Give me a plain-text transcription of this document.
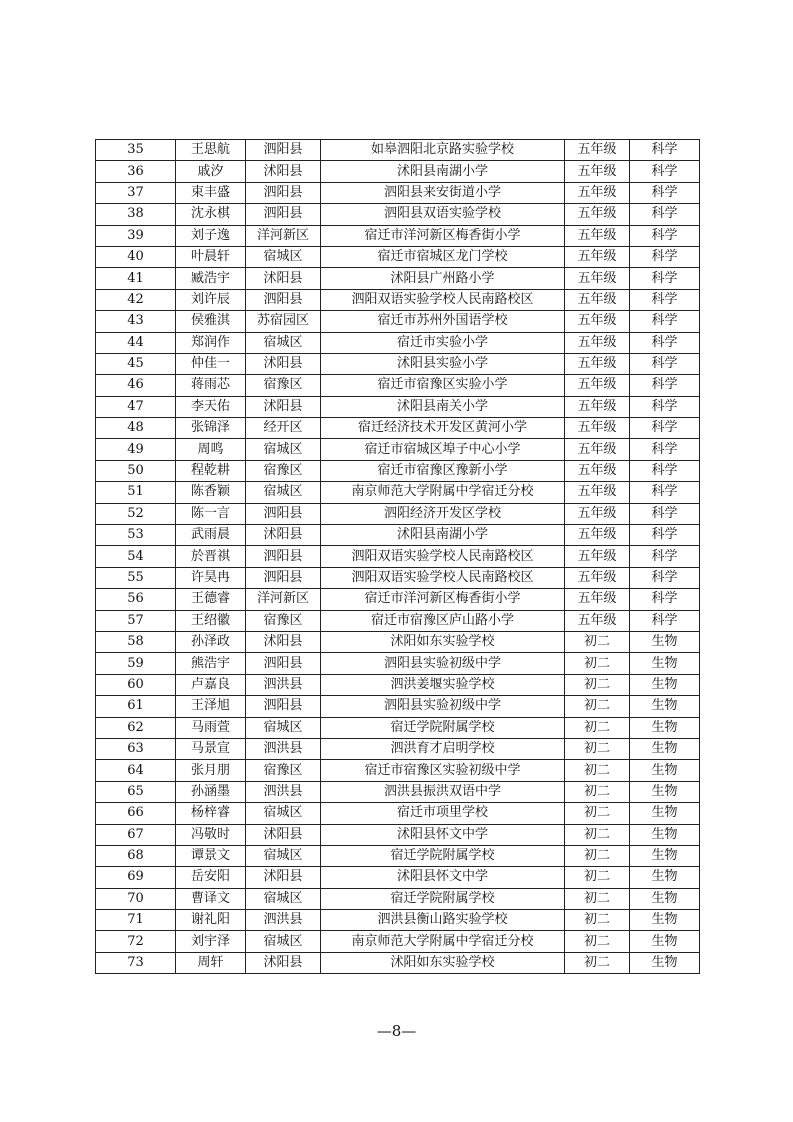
35	王思航	泗阳县	如皋泗阳北京路实验学校	五年级	科学
36	戚汐	沭阳县	沭阳县南湖小学	五年级	科学
37	束丰盛	泗阳县	泗阳县来安街道小学	五年级	科学
38	沈永棋	泗阳县	泗阳县双语实验学校	五年级	科学
39	刘子逸	洋河新区	宿迁市洋河新区梅香街小学	五年级	科学
40	叶晨轩	宿城区	宿迁市宿城区龙门学校	五年级	科学
41	臧浩宇	沭阳县	沭阳县广州路小学	五年级	科学
42	刘许辰	泗阳县	泗阳双语实验学校人民南路校区	五年级	科学
43	侯雅淇	苏宿园区	宿迁市苏州外国语学校	五年级	科学
44	郑润作	宿城区	宿迁市实验小学	五年级	科学
45	仲佳一	沭阳县	沭阳县实验小学	五年级	科学
46	蒋雨芯	宿豫区	宿迁市宿豫区实验小学	五年级	科学
47	李天佑	沭阳县	沭阳县南关小学	五年级	科学
48	张锦泽	经开区	宿迁经济技术开发区黄河小学	五年级	科学
49	周鸣	宿城区	宿迁市宿城区埠子中心小学	五年级	科学
50	程乾耕	宿豫区	宿迁市宿豫区豫新小学	五年级	科学
51	陈香颖	宿城区	南京师范大学附属中学宿迁分校	五年级	科学
52	陈一言	泗阳县	泗阳经济开发区学校	五年级	科学
53	武雨晨	沭阳县	沭阳县南湖小学	五年级	科学
54	於晋祺	泗阳县	泗阳双语实验学校人民南路校区	五年级	科学
55	许昊冉	泗阳县	泗阳双语实验学校人民南路校区	五年级	科学
56	王德睿	洋河新区	宿迁市洋河新区梅香街小学	五年级	科学
57	王绍徽	宿豫区	宿迁市宿豫区庐山路小学	五年级	科学
58	孙泽政	沭阳县	沭阳如东实验学校	初二	生物
59	熊浩宇	泗阳县	泗阳县实验初级中学	初二	生物
60	卢嘉良	泗洪县	泗洪姜堰实验学校	初二	生物
61	王泽旭	泗阳县	泗阳县实验初级中学	初二	生物
62	马雨萱	宿城区	宿迁学院附属学校	初二	生物
63	马景宣	泗洪县	泗洪育才启明学校	初二	生物
64	张月朋	宿豫区	宿迁市宿豫区实验初级中学	初二	生物
65	孙涵墨	泗洪县	泗洪县振洪双语中学	初二	生物
66	杨梓睿	宿城区	宿迁市项里学校	初二	生物
67	冯敬时	沭阳县	沭阳县怀文中学	初二	生物
68	谭景文	宿城区	宿迁学院附属学校	初二	生物
69	岳安阳	沭阳县	沭阳县怀文中学	初二	生物
70	曹译文	宿城区	宿迁学院附属学校	初二	生物
71	谢礼阳	泗洪县	泗洪县衡山路实验学校	初二	生物
72	刘宇泽	宿城区	南京师范大学附属中学宿迁分校	初二	生物
73	周轩	沭阳县	沭阳如东实验学校	初二	生物
—8—
